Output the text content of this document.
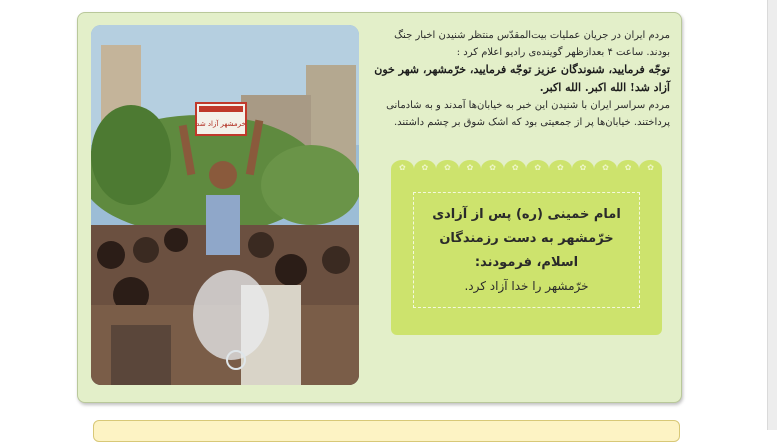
خرمشهر آزاد شد

مردم ایران در جریان عملیات بیت‌المقدّس منتظر شنیدن اخبار جنگ بودند. ساعت ۴ بعدازظهر گوینده‌ی رادیو اعلام کرد :

توجّه فرمایید، شنوندگان عزیز توجّه فرمایید، خرّمشهر، شهر خون آزاد شد! الله اکبر. الله اکبر.

مردم سراسر ایران با شنیدن این خبر به خیابان‌ها آمدند و به شادمانی پرداختند. خیابان‌ها پر از جمعیتی بود که اشک شوق بر چشم داشتند.

✿	✿	✿	✿	✿	✿	✿	✿	✿	✿	✿	✿
امام خمینی (ره) پس از آزادی خرّمشهر به دست رزمندگان اسلام، فرمودند:
خرّمشهر را خدا آزاد کرد.
